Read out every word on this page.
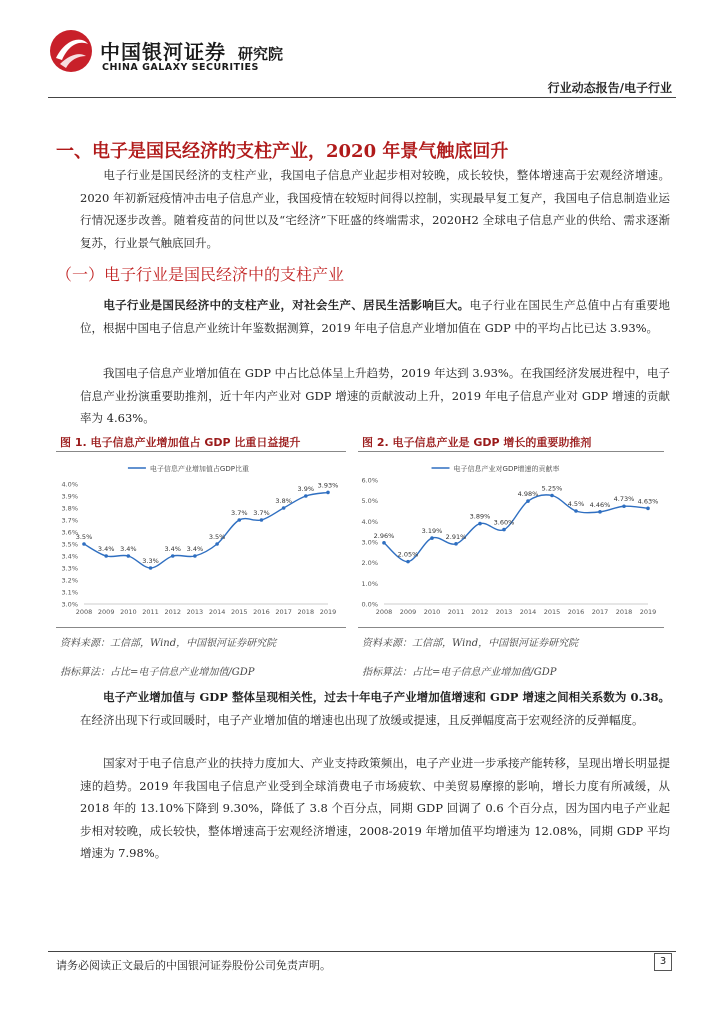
中国银河证券
CHINA GALAXY SECURITIES
研究院
行业动态报告/电子行业
一、电子是国民经济的支柱产业，2020 年景气触底回升
电子行业是国民经济的支柱产业，我国电子信息产业起步相对较晚，成长较快，整体增速高于宏观经济增速。2020 年初新冠疫情冲击电子信息产业，我国疫情在较短时间得以控制，实现最早复工复产，我国电子信息制造业运行情况逐步改善。随着疫苗的问世以及“宅经济”下旺盛的终端需求，2020H2 全球电子信息产业的供给、需求逐渐复苏，行业景气触底回升。
（一）电子行业是国民经济中的支柱产业
电子行业是国民经济中的支柱产业，对社会生产、居民生活影响巨大。电子行业在国民生产总值中占有重要地位，根据中国电子信息产业统计年鉴数据测算，2019 年电子信息产业增加值在 GDP 中的平均占比已达 3.93%。
我国电子信息产业增加值在 GDP 中占比总体呈上升趋势，2019 年达到 3.93%。在我国经济发展进程中，电子信息产业扮演重要助推剂，近十年内产业对 GDP 增速的贡献波动上升，2019 年电子信息产业对 GDP 增速的贡献率为 4.63%。
图 1. 电子信息产业增加值占 GDP 比重日益提升	图 2. 电子信息产业是 GDP 增长的重要助推剂
电子信息产业增加值占GDP比重
3.0%
3.1%
3.2%
3.3%
3.4%
3.5%
3.6%
3.7%
3.8%
3.9%
4.0%
2008 2009 2010 2011 2012 2013 2014 2015 2016 2017 2018 2019
3.5%
3.4% 3.4%
3.3%
3.4% 3.4%
3.5%
3.7% 3.7%
3.8%
3.9% 3.93%
电子信息产业对GDP增速的贡献率
0.0%
1.0%
2.0%
3.0%
4.0%
5.0%
6.0%
2008 2009 2010 2011 2012 2013 2014 2015 2016 2017 2018 2019
2.96%
2.05%
3.19%
2.91%
3.89%
3.60%
4.98%
5.25%
4.5% 4.46%
4.73% 4.63%
资料来源：工信部，Wind，中国银河证券研究院	资料来源：工信部，Wind，中国银河证券研究院
指标算法：占比=电子信息产业增加值/GDP	指标算法：占比=电子信息产业增加值/GDP
电子产业增加值与 GDP 整体呈现相关性，过去十年电子产业增加值增速和 GDP 增速之间相关系数为 0.38。在经济出现下行或回暖时，电子产业增加值的增速也出现了放缓或提速，且反弹幅度高于宏观经济的反弹幅度。
国家对于电子信息产业的扶持力度加大、产业支持政策频出，电子产业进一步承接产能转移，呈现出增长明显提速的趋势。2019 年我国电子信息产业受到全球消费电子市场疲软、中美贸易摩擦的影响，增长力度有所减缓，从 2018 年的 13.10%下降到 9.30%，降低了 3.8 个百分点，同期 GDP 回调了 0.6 个百分点，因为国内电子产业起步相对较晚，成长较快，整体增速高于宏观经济增速，2008-2019 年增加值平均增速为 12.08%，同期 GDP 平均增速为 7.98%。
请务必阅读正文最后的中国银河证券股份公司免责声明。	3
